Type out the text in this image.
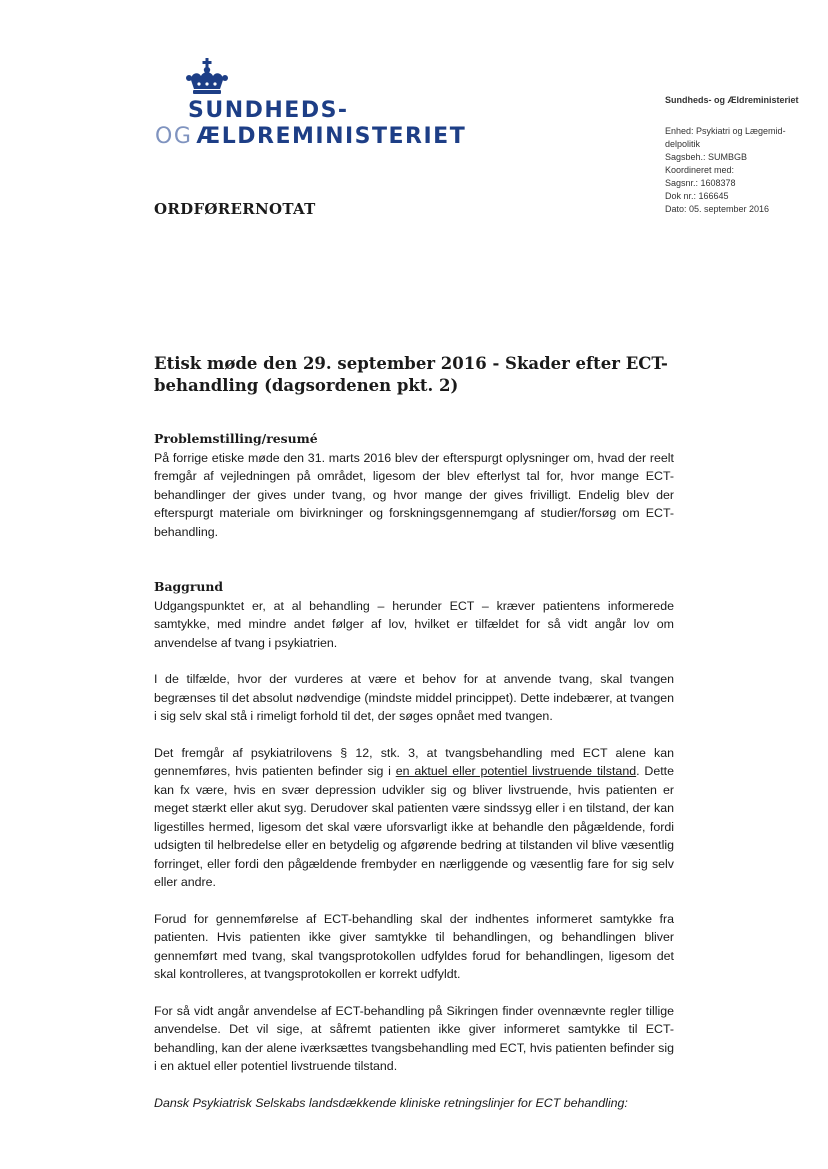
SUNDHEDS-
OG ÆLDREMINISTERIET
Sundheds- og Ældreministeriet
Enhed: Psykiatri og Lægemid-
delpolitik
Sagsbeh.: SUMBGB
Koordineret med:
Sagsnr.: 1608378
Dok nr.: 166645
Dato: 05. september 2016
ORDFØRERNOTAT
Etisk møde den 29. september 2016 - Skader efter ECT-behandling (dagsordenen pkt. 2)
Problemstilling/resumé

På forrige etiske møde den 31. marts 2016 blev der efterspurgt oplysninger om, hvad der reelt fremgår af vejledningen på området, ligesom der blev efterlyst tal for, hvor mange ECT-behandlinger der gives under tvang, og hvor mange der gives frivilligt. Endelig blev der efterspurgt materiale om bivirkninger og forskningsgennemgang af studier/forsøg om ECT-behandling.

Baggrund

Udgangspunktet er, at al behandling – herunder ECT – kræver patientens informerede samtykke, med mindre andet følger af lov, hvilket er tilfældet for så vidt angår lov om anvendelse af tvang i psykiatrien.

I de tilfælde, hvor der vurderes at være et behov for at anvende tvang, skal tvangen begrænses til det absolut nødvendige (mindste middel princippet). Dette indebærer, at tvangen i sig selv skal stå i rimeligt forhold til det, der søges opnået med tvangen.

Det fremgår af psykiatrilovens § 12, stk. 3, at tvangsbehandling med ECT alene kan gennemføres, hvis patienten befinder sig i en aktuel eller potentiel livstruende tilstand. Dette kan fx være, hvis en svær depression udvikler sig og bliver livstruende, hvis patienten er meget stærkt eller akut syg. Derudover skal patienten være sindssyg eller i en tilstand, der kan ligestilles hermed, ligesom det skal være uforsvarligt ikke at behandle den pågældende, fordi udsigten til helbredelse eller en betydelig og afgørende bedring at tilstanden vil blive væsentlig forringet, eller fordi den pågældende frembyder en nærliggende og væsentlig fare for sig selv eller andre.

Forud for gennemførelse af ECT-behandling skal der indhentes informeret samtykke fra patienten. Hvis patienten ikke giver samtykke til behandlingen, og behandlingen bliver gennemført med tvang, skal tvangsprotokollen udfyldes forud for behandlingen, ligesom det skal kontrolleres, at tvangsprotokollen er korrekt udfyldt.

For så vidt angår anvendelse af ECT-behandling på Sikringen finder ovennævnte regler tillige anvendelse. Det vil sige, at såfremt patienten ikke giver informeret samtykke til ECT-behandling, kan der alene iværksættes tvangsbehandling med ECT, hvis patienten befinder sig i en aktuel eller potentiel livstruende tilstand.

Dansk Psykiatrisk Selskabs landsdækkende kliniske retningslinjer for ECT behandling:
